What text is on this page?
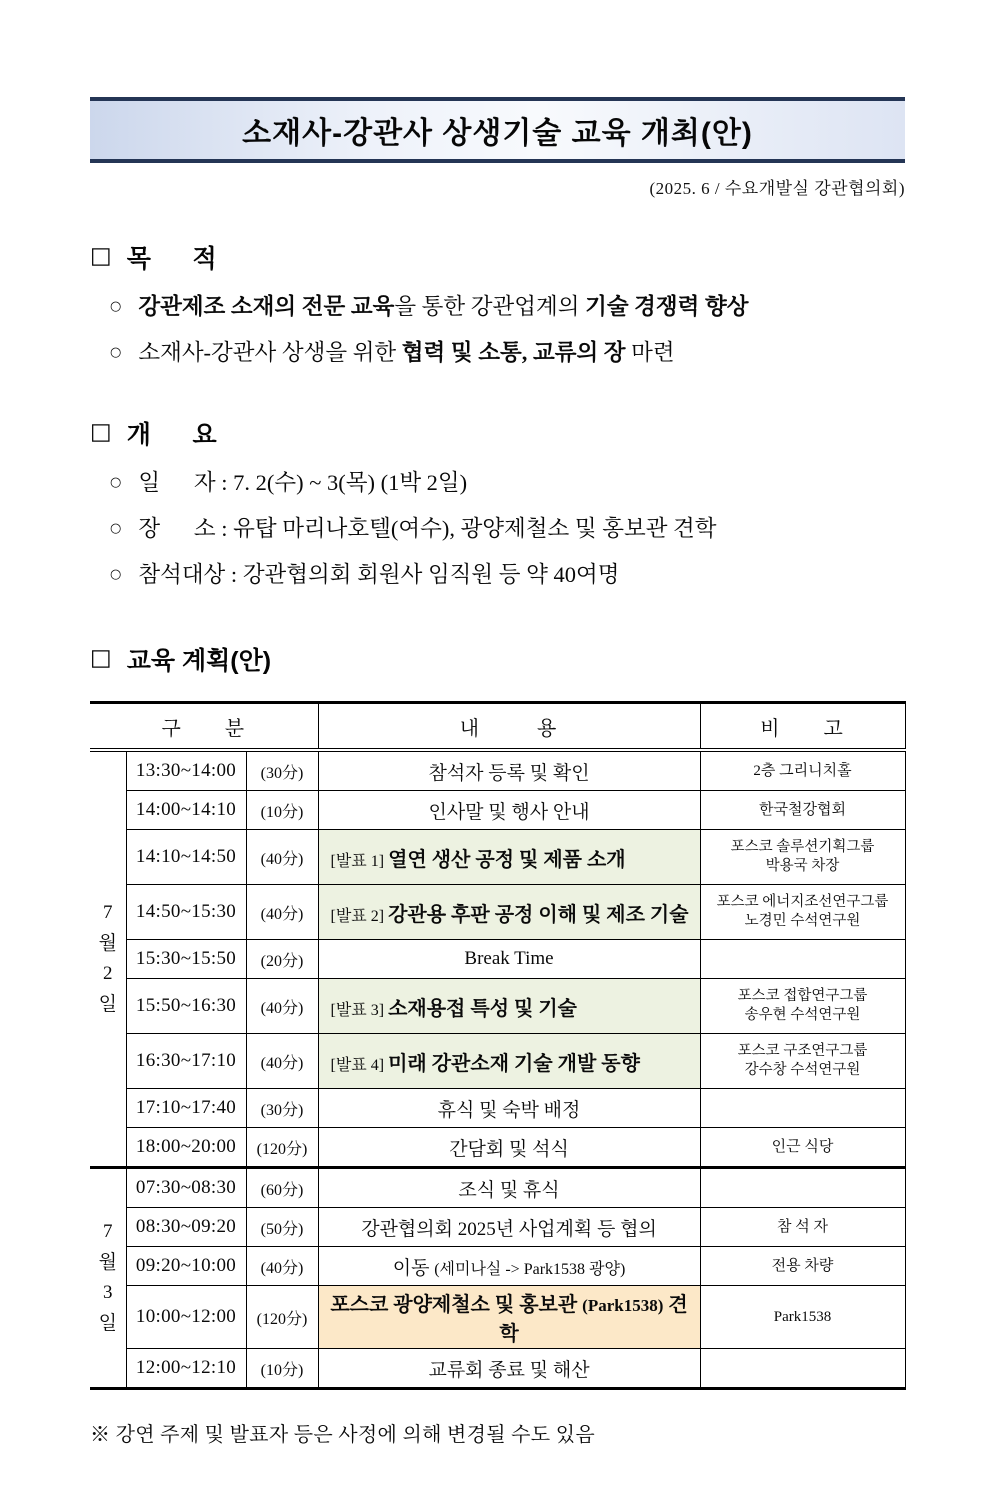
소재사-강관사 상생기술 교육 개최(안)
(2025. 6 / 수요개발실 강관협의회)
□ 목      적
○ 강관제조 소재의 전문 교육을 통한 강관업계의 기술 경쟁력 향상
○ 소재사-강관사 상생을 위한 협력 및 소통, 교류의 장 마련
□ 개      요
○ 일      자 : 7. 2(수) ~ 3(목) (1박 2일)
○ 장      소 : 유탑 마리나호텔(여수), 광양제철소 및 홍보관 견학
○ 참석대상 : 강관협의회 회원사 임직원 등 약 40여명
□ 교육 계획(안)
구      분			내        용	비      고

7
월
2
일	13:30~14:00	(30分)	참석자 등록 및 확인	2층 그리니치홀

	14:00~14:10	(10分)	인사말 및 행사 안내	한국철강협회

	14:10~14:50	(40分)	[발표 1] 열연 생산 공정 및 제품 소개	포스코 솔루션기획그룹
박용국 차장

	14:50~15:30	(40分)	[발표 2] 강관용 후판 공정 이해 및 제조 기술	포스코 에너지조선연구그룹
노경민 수석연구원

	15:30~15:50	(20分)	Break Time	
	15:50~16:30	(40分)	[발표 3] 소재용접 특성 및 기술	포스코 접합연구그룹
송우현 수석연구원

	16:30~17:10	(40分)	[발표 4] 미래 강관소재 기술 개발 동향	포스코 구조연구그룹
강수창 수석연구원

	17:10~17:40	(30分)	휴식 및 숙박 배정	
	18:00~20:00	(120分)	간담회 및 석식	인근 식당

7
월
3
일	07:30~08:30	(60分)	조식 및 휴식	
	08:30~09:20	(50分)	강관협의회 2025년 사업계획 등 협의	참 석 자

	09:20~10:00	(40分)	이동 (세미나실 -> Park1538 광양)	전용 차량

	10:00~12:00	(120分)	포스코 광양제철소 및 홍보관 (Park1538) 견학	Park1538

	12:00~12:10	(10分)	교류회 종료 및 해산	
※ 강연 주제 및 발표자 등은 사정에 의해 변경될 수도 있음
